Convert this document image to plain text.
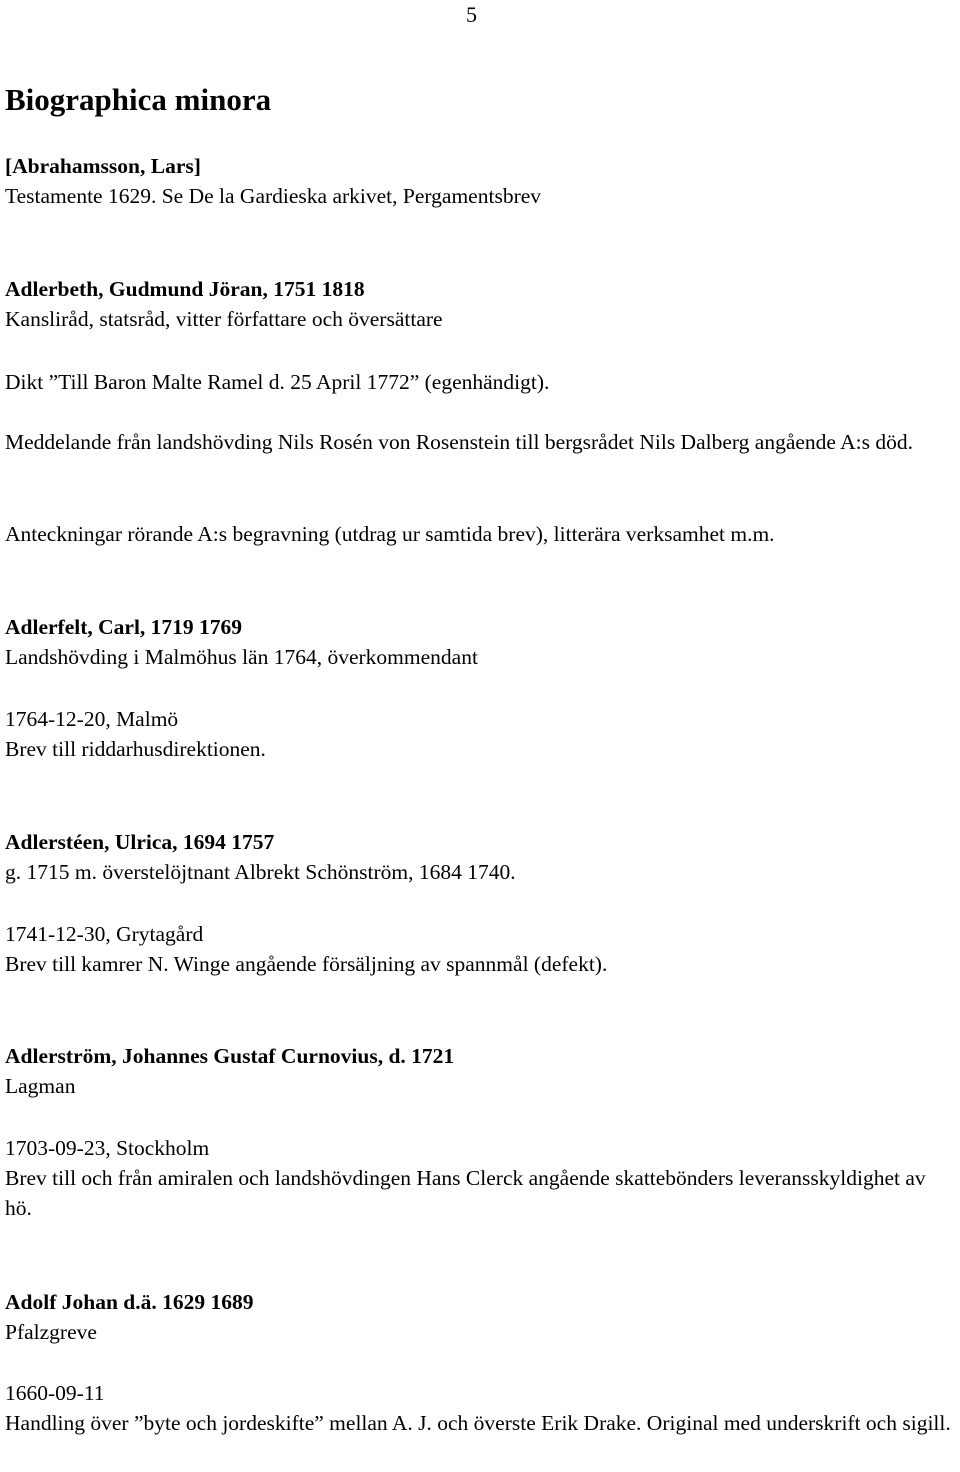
5
Biographica minora
[Abrahamsson, Lars]
Testamente 1629. Se De la Gardieska arkivet, Pergamentsbrev
Adlerbeth, Gudmund Jöran, 1751 1818
Kansliråd, statsråd, vitter författare och översättare
Dikt ”Till Baron Malte Ramel d. 25 April 1772” (egenhändigt).
Meddelande från landshövding Nils Rosén von Rosenstein till bergsrådet Nils Dalberg angående A:s död.
Anteckningar rörande A:s begravning (utdrag ur samtida brev), litterära verksamhet m.m.
Adlerfelt, Carl, 1719 1769
Landshövding i Malmöhus län 1764, överkommendant
1764-12-20, Malmö
Brev till riddarhusdirektionen.
Adlerstéen, Ulrica, 1694 1757
g. 1715 m. överstelöjtnant Albrekt Schönström, 1684 1740.
1741-12-30, Grytagård
Brev till kamrer N. Winge angående försäljning av spannmål (defekt).
Adlerström, Johannes Gustaf Curnovius, d. 1721
Lagman
1703-09-23, Stockholm
Brev till och från amiralen och landshövdingen Hans Clerck angående skattebönders leveransskyldighet av hö.
Adolf Johan d.ä. 1629 1689
Pfalzgreve
1660-09-11
Handling över ”byte och jordeskifte” mellan A. J. och överste Erik Drake. Original med underskrift och sigill.
